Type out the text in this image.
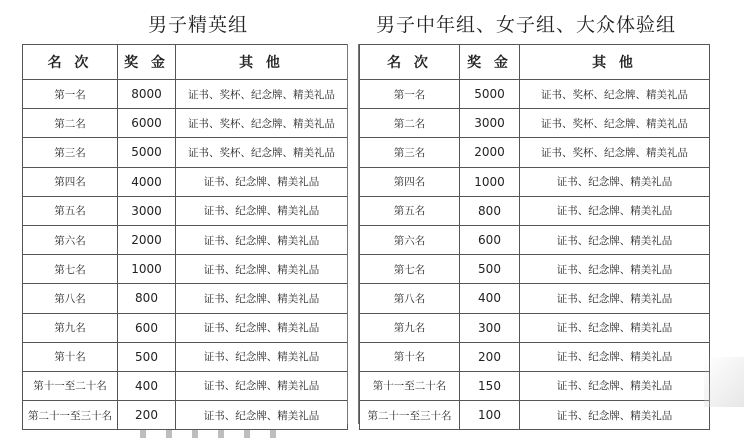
男子精英组	男子中年组、女子组、大众体验组
名 次	奖 金	其 他
第一名	8000	证书、奖杯、纪念牌、精美礼品
第二名	6000	证书、奖杯、纪念牌、精美礼品
第三名	5000	证书、奖杯、纪念牌、精美礼品
第四名	4000	证书、纪念牌、精美礼品
第五名	3000	证书、纪念牌、精美礼品
第六名	2000	证书、纪念牌、精美礼品
第七名	1000	证书、纪念牌、精美礼品
第八名	800	证书、纪念牌、精美礼品
第九名	600	证书、纪念牌、精美礼品
第十名	500	证书、纪念牌、精美礼品
第十一至二十名	400	证书、纪念牌、精美礼品
第二十一至三十名	200	证书、纪念牌、精美礼品
名 次	奖 金	其 他
第一名	5000	证书、奖杯、纪念牌、精美礼品
第二名	3000	证书、奖杯、纪念牌、精美礼品
第三名	2000	证书、奖杯、纪念牌、精美礼品
第四名	1000	证书、纪念牌、精美礼品
第五名	800	证书、纪念牌、精美礼品
第六名	600	证书、纪念牌、精美礼品
第七名	500	证书、纪念牌、精美礼品
第八名	400	证书、纪念牌、精美礼品
第九名	300	证书、纪念牌、精美礼品
第十名	200	证书、纪念牌、精美礼品
第十一至二十名	150	证书、纪念牌、精美礼品
第二十一至三十名	100	证书、纪念牌、精美礼品
